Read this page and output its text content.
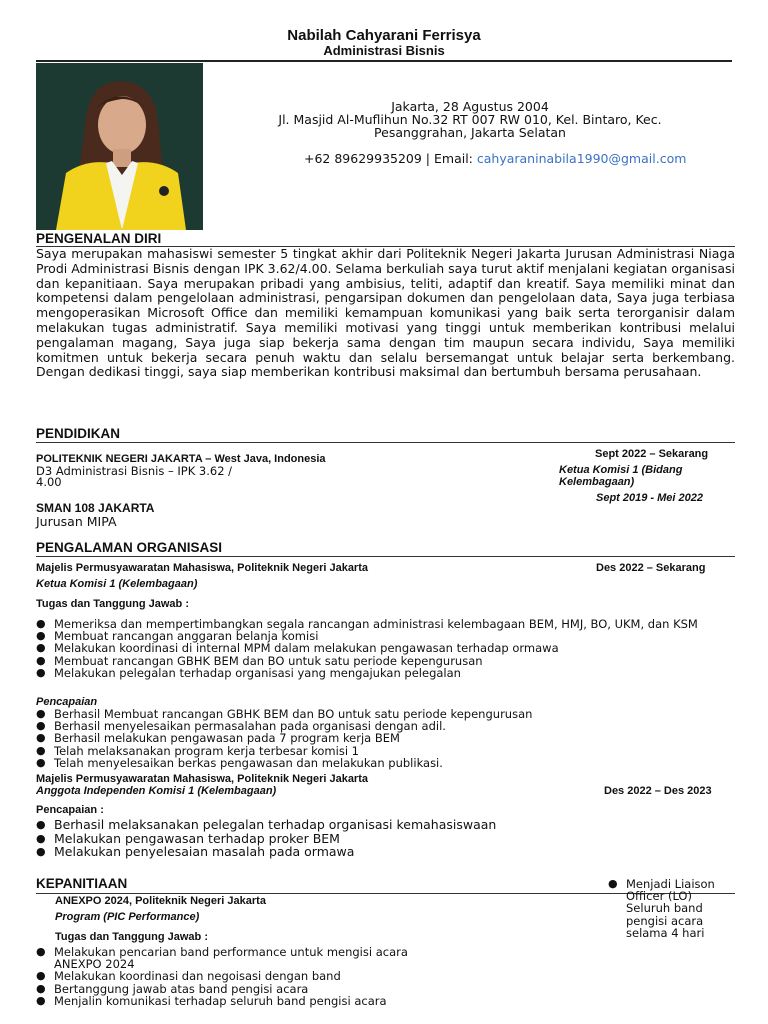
Nabilah Cahyarani Ferrisya
Administrasi Bisnis
Jakarta, 28 Agustus 2004
Jl. Masjid Al-Muflihun No.32 RT 007 RW 010, Kel. Bintaro, Kec.
Pesanggrahan, Jakarta Selatan
+62 89629935209 | Email: cahyaraninabila1990@gmail.com
PENGENALAN DIRI
Saya merupakan mahasiswi semester 5 tingkat akhir dari Politeknik Negeri Jakarta Jurusan Administrasi Niaga Prodi Administrasi Bisnis dengan IPK 3.62/4.00. Selama berkuliah saya turut aktif menjalani kegiatan organisasi dan kepanitiaan. Saya merupakan pribadi yang ambisius, teliti, adaptif dan kreatif. Saya memiliki minat dan kompetensi dalam pengelolaan administrasi, pengarsipan dokumen dan pengelolaan data, Saya juga terbiasa mengoperasikan Microsoft Office dan memiliki kemampuan komunikasi yang baik serta terorganisir dalam melakukan tugas administratif. Saya memiliki motivasi yang tinggi untuk memberikan kontribusi melalui pengalaman magang, Saya juga siap bekerja sama dengan tim maupun secara individu, Saya memiliki komitmen untuk bekerja secara penuh waktu dan selalu bersemangat untuk belajar serta berkembang. Dengan dedikasi tinggi, saya siap memberikan kontribusi maksimal dan bertumbuh bersama perusahaan.
PENDIDIKAN
POLITEKNIK NEGERI JAKARTA – West Java, Indonesia
D3 Administrasi Bisnis – IPK 3.62 /
4.00
Sept 2022 – Sekarang
Ketua Komisi 1 (Bidang
Kelembagaan)
Sept 2019 - Mei 2022
SMAN 108 JAKARTA
Jurusan MIPA
PENGALAMAN ORGANISASI
Majelis Permusyawaratan Mahasiswa, Politeknik Negeri Jakarta	Des 2022 – Sekarang
Ketua Komisi 1 (Kelembagaan)
Tugas dan Tanggung Jawab :
● Memeriksa dan mempertimbangkan segala rancangan administrasi kelembagaan BEM, HMJ, BO, UKM, dan KSM
● Membuat rancangan anggaran belanja komisi
● Melakukan koordinasi di internal MPM dalam melakukan pengawasan terhadap ormawa
● Membuat rancangan GBHK BEM dan BO untuk satu periode kepengurusan
● Melakukan pelegalan terhadap organisasi yang mengajukan pelegalan
Pencapaian
● Berhasil Membuat rancangan GBHK BEM dan BO untuk satu periode kepengurusan
● Berhasil menyelesaikan permasalahan pada organisasi dengan adil.
● Berhasil melakukan pengawasan pada 7 program kerja BEM
● Telah melaksanakan program kerja terbesar komisi 1
● Telah menyelesaikan berkas pengawasan dan melakukan publikasi.
Majelis Permusyawaratan Mahasiswa, Politeknik Negeri Jakarta
Anggota Independen Komisi 1 (Kelembagaan)	Des 2022 – Des 2023
Pencapaian :
● Berhasil melaksanakan pelegalan terhadap organisasi kemahasiswaan
● Melakukan pengawasan terhadap proker BEM
● Melakukan penyelesaian masalah pada ormawa
KEPANITIAAN
ANEXPO 2024, Politeknik Negeri Jakarta
Program (PIC Performance)
Tugas dan Tanggung Jawab :
● Melakukan pencarian band performance untuk mengisi acara ANEXPO 2024
● Melakukan koordinasi dan negoisasi dengan band
● Bertanggung jawab atas band pengisi acara
● Menjalin komunikasi terhadap seluruh band pengisi acara
● Menjadi Liaison Officer (LO) Seluruh band pengisi acara selama 4 hari
